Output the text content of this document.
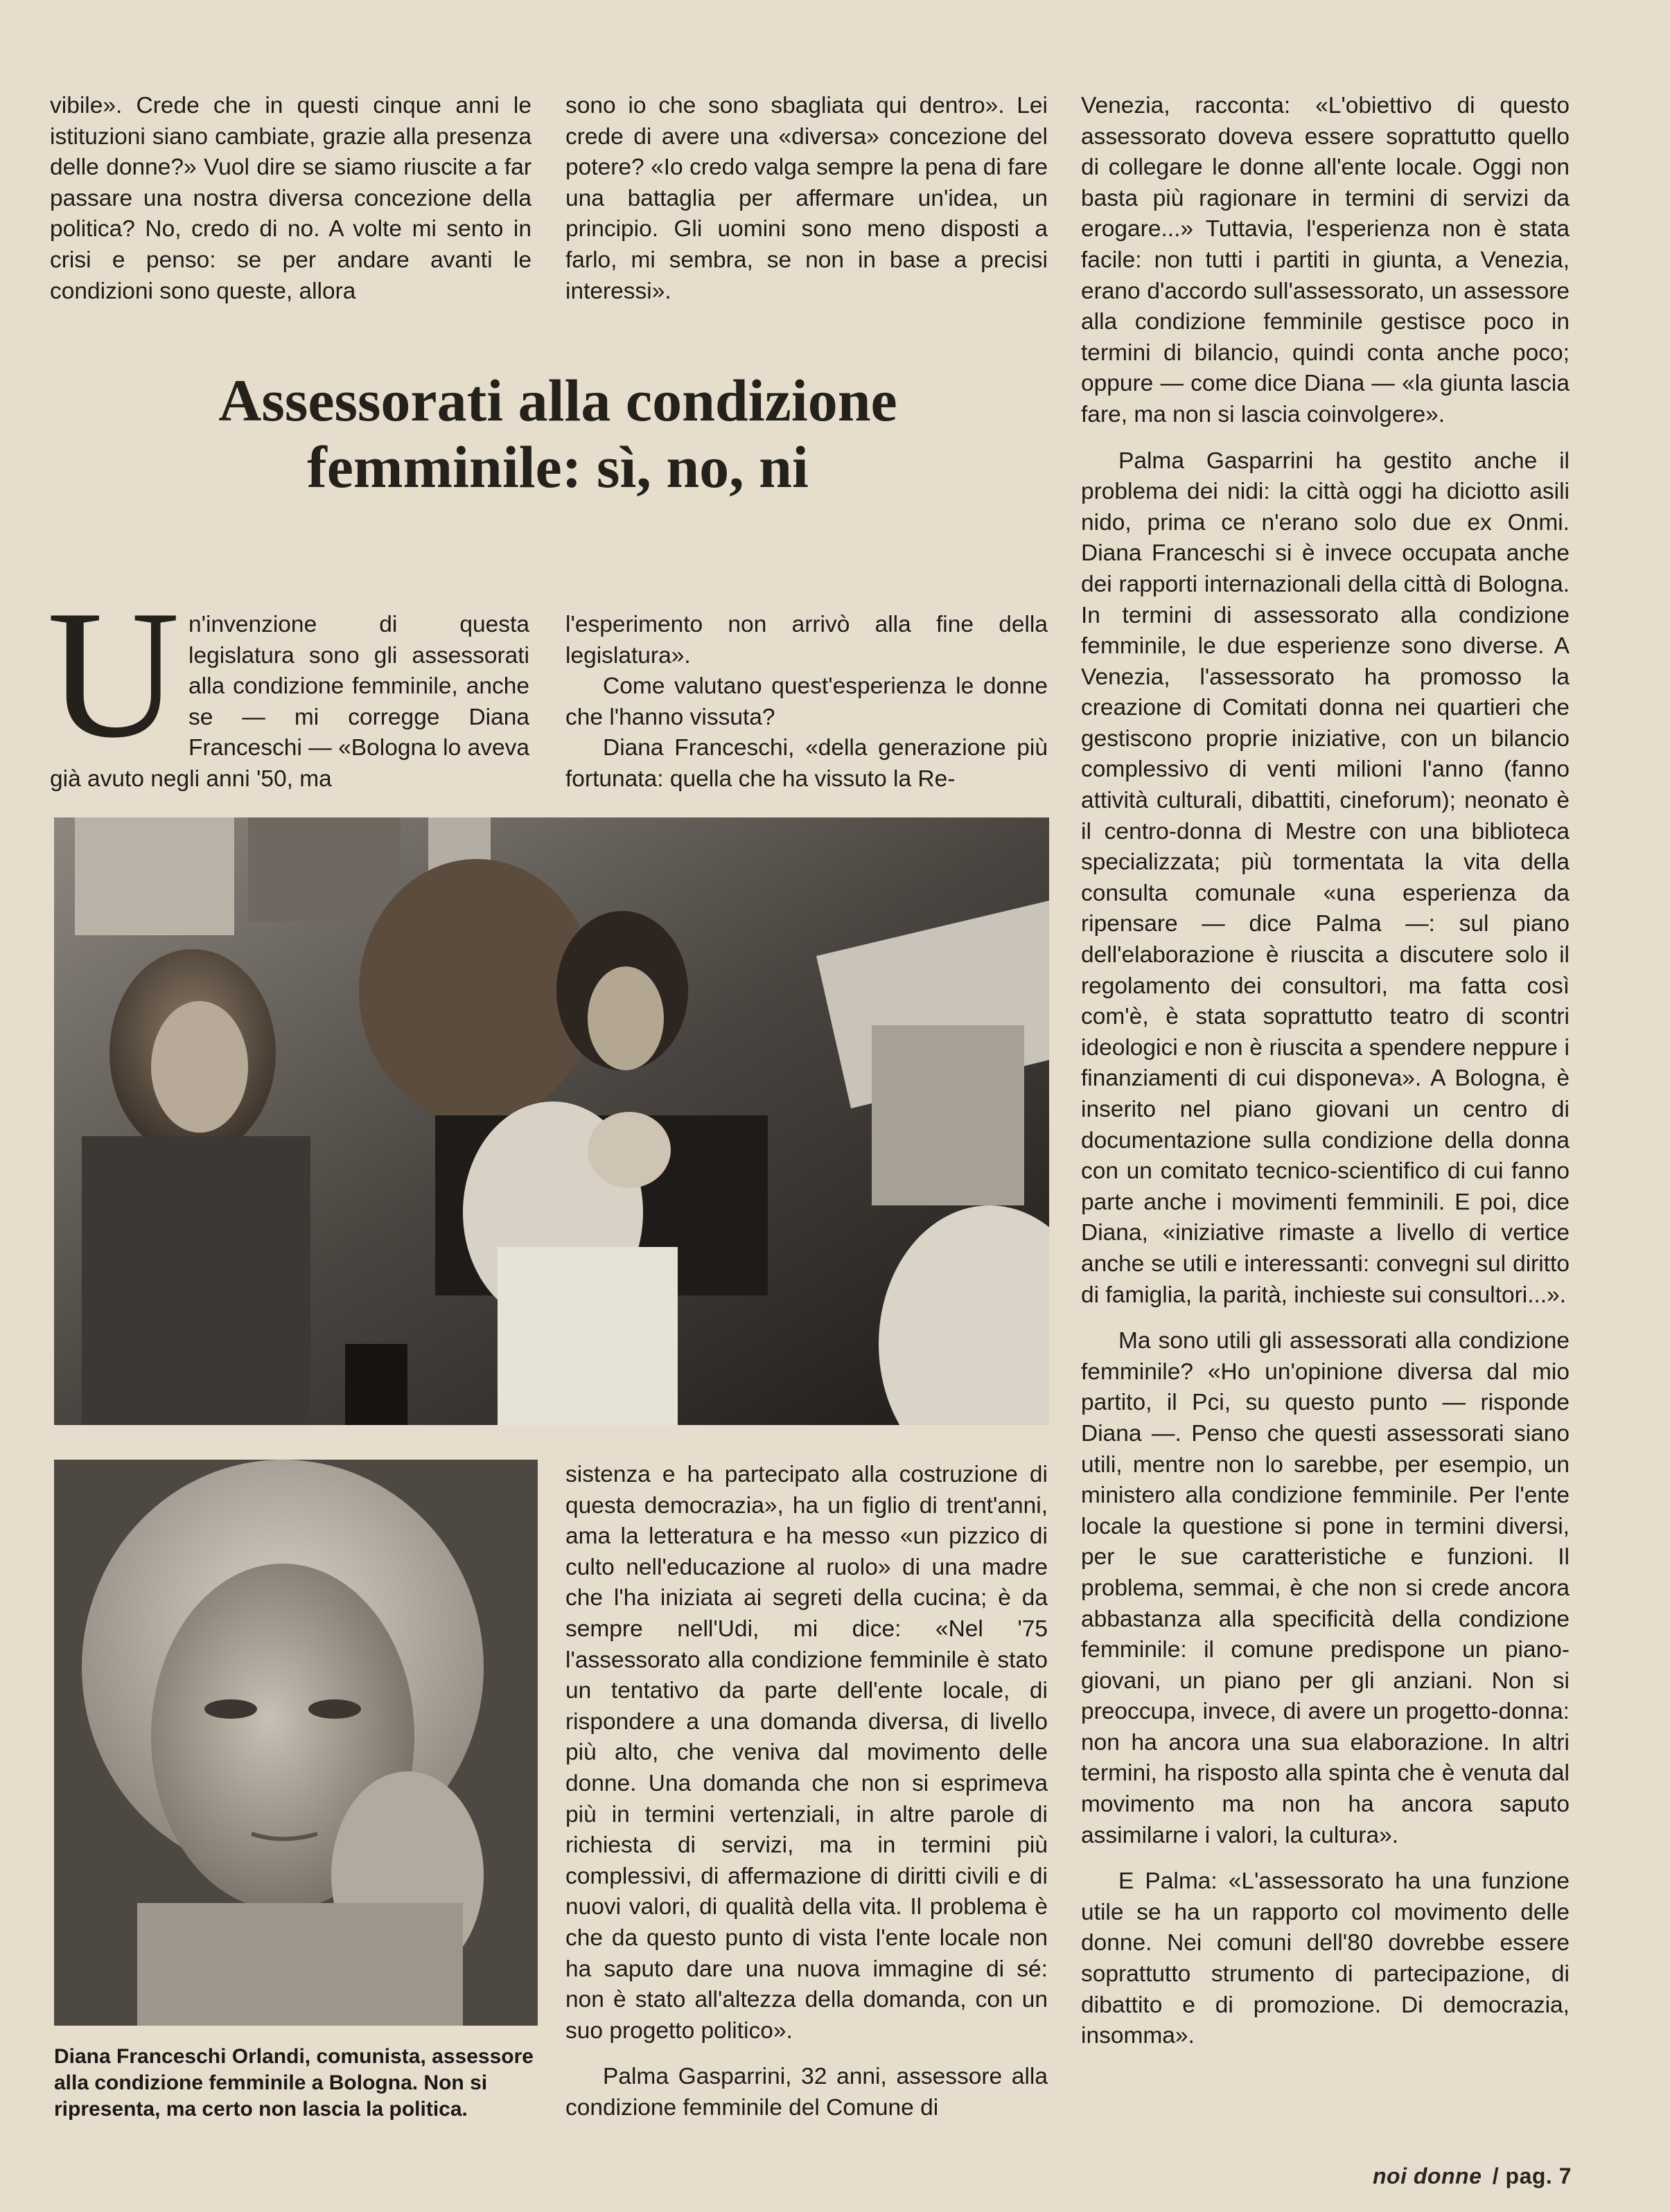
vibile». Crede che in questi cinque anni le istituzioni siano cambiate, grazie alla presenza delle donne?» Vuol dire se siamo riuscite a far passare una nostra diversa concezione della politica? No, credo di no. A volte mi sento in crisi e penso: se per andare avanti le condizioni sono queste, allora

sono io che sono sbagliata qui dentro». Lei crede di avere una «diversa» concezione del potere? «Io credo valga sempre la pena di fare una battaglia per affermare un'idea, un principio. Gli uomini sono meno disposti a farlo, mi sembra, se non in base a precisi interessi».

Assessorati alla condizione femminile: sì, no, ni
U n'invenzione di questa legislatura sono gli assessorati alla condizione femminile, anche se — mi corregge Diana Franceschi — «Bologna lo aveva già avuto negli anni '50, ma

l'esperimento non arrivò alla fine della legislatura».

Come valutano quest'esperienza le donne che l'hanno vissuta?

Diana Franceschi, «della generazione più fortunata: quella che ha vissuto la Re-

Diana Franceschi Orlandi, comunista, assessore alla condizione femminile a Bologna. Non si ripresenta, ma certo non lascia la politica.

sistenza e ha partecipato alla costruzione di questa democrazia», ha un figlio di trent'anni, ama la letteratura e ha messo «un pizzico di culto nell'educazione al ruolo» di una madre che l'ha iniziata ai segreti della cucina; è da sempre nell'Udi, mi dice: «Nel '75 l'assessorato alla condizione femminile è stato un tentativo da parte dell'ente locale, di rispondere a una domanda diversa, di livello più alto, che veniva dal movimento delle donne. Una domanda che non si esprimeva più in termini vertenziali, in altre parole di richiesta di servizi, ma in termini più complessivi, di affermazione di diritti civili e di nuovi valori, di qualità della vita. Il problema è che da questo punto di vista l'ente locale non ha saputo dare una nuova immagine di sé: non è stato all'altezza della domanda, con un suo progetto politico».

Palma Gasparrini, 32 anni, assessore alla condizione femminile del Comune di

Venezia, racconta: «L'obiettivo di questo assessorato doveva essere soprattutto quello di collegare le donne all'ente locale. Oggi non basta più ragionare in termini di servizi da erogare...» Tuttavia, l'esperienza non è stata facile: non tutti i partiti in giunta, a Venezia, erano d'accordo sull'assessorato, un assessore alla condizione femminile gestisce poco in termini di bilancio, quindi conta anche poco; oppure — come dice Diana — «la giunta lascia fare, ma non si lascia coinvolgere».

Palma Gasparrini ha gestito anche il problema dei nidi: la città oggi ha diciotto asili nido, prima ce n'erano solo due ex Onmi. Diana Franceschi si è invece occupata anche dei rapporti internazionali della città di Bologna. In termini di assessorato alla condizione femminile, le due esperienze sono diverse. A Venezia, l'assessorato ha promosso la creazione di Comitati donna nei quartieri che gestiscono proprie iniziative, con un bilancio complessivo di venti milioni l'anno (fanno attività culturali, dibattiti, cineforum); neonato è il centro-donna di Mestre con una biblioteca specializzata; più tormentata la vita della consulta comunale «una esperienza da ripensare — dice Palma —: sul piano dell'elaborazione è riuscita a discutere solo il regolamento dei consultori, ma fatta così com'è, è stata soprattutto teatro di scontri ideologici e non è riuscita a spendere neppure i finanziamenti di cui disponeva». A Bologna, è inserito nel piano giovani un centro di documentazione sulla condizione della donna con un comitato tecnico-scientifico di cui fanno parte anche i movimenti femminili. E poi, dice Diana, «iniziative rimaste a livello di vertice anche se utili e interessanti: convegni sul diritto di famiglia, la parità, inchieste sui consultori...».

Ma sono utili gli assessorati alla condizione femminile? «Ho un'opinione diversa dal mio partito, il Pci, su questo punto — risponde Diana —. Penso che questi assessorati siano utili, mentre non lo sarebbe, per esempio, un ministero alla condizione femminile. Per l'ente locale la questione si pone in termini diversi, per le sue caratteristiche e funzioni. Il problema, semmai, è che non si crede ancora abbastanza alla specificità della condizione femminile: il comune predispone un piano-giovani, un piano per gli anziani. Non si preoccupa, invece, di avere un progetto-donna: non ha ancora una sua elaborazione. In altri termini, ha risposto alla spinta che è venuta dal movimento ma non ha ancora saputo assimilarne i valori, la cultura».

E Palma: «L'assessorato ha una funzione utile se ha un rapporto col movimento delle donne. Nei comuni dell'80 dovrebbe essere soprattutto strumento di partecipazione, di dibattito e di promozione. Di democrazia, insomma».

noi donne / pag. 7
